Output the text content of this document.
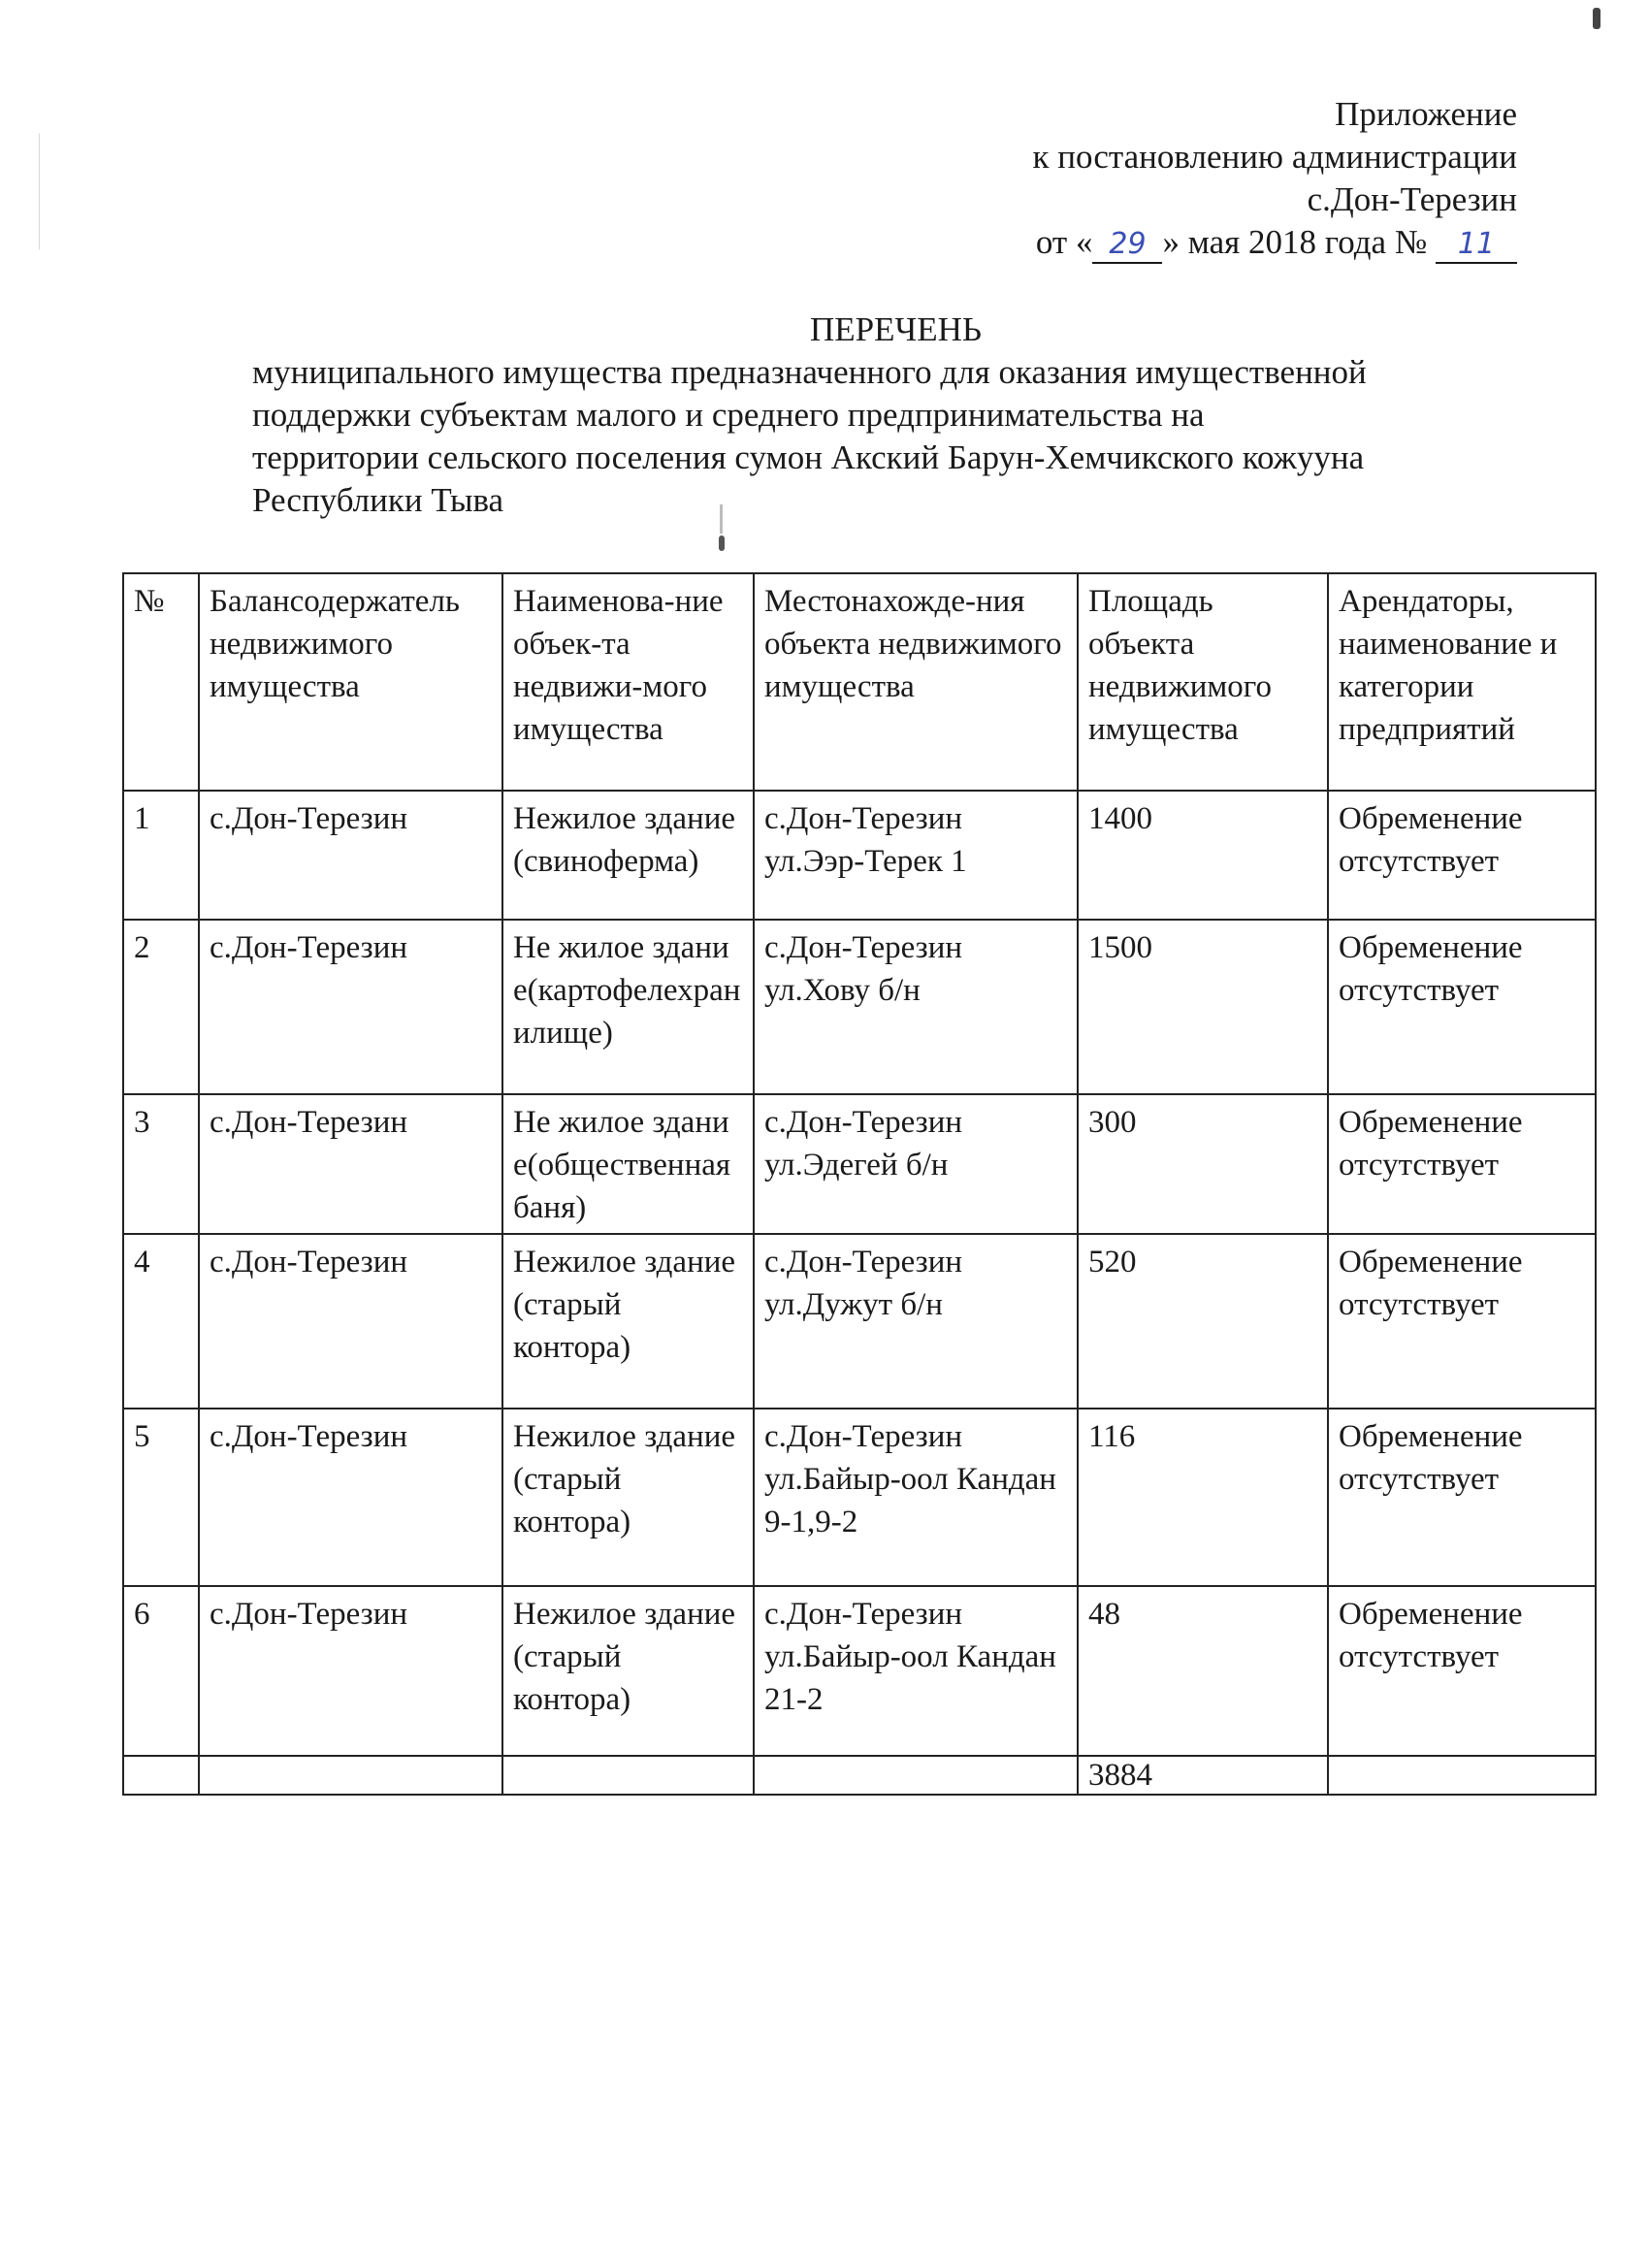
Приложение
к постановлению администрации
с.Дон-Терезин
от « 29 » мая 2018 года № 11
ПЕРЕЧЕНЬ
муниципального имущества предназначенного для оказания имущественной
поддержки субъектам малого и среднего предпринимательства на
территории сельского поселения сумон Акский Барун-Хемчикского кожууна
Республики Тыва
№	Балансодержатель недвижимого имущества	Наименова-ние объек-та недвижи-мого имущества	Местонахожде-ния объекта недвижимого имущества	Площадь объекта недвижимого имущества	Арендаторы, наименование и категории предприятий
1	с.Дон-Терезин	Нежилое здание (свиноферма)	с.Дон-Терезин ул.Ээр-Терек 1	1400	Обременение отсутствует
2	с.Дон-Терезин	Не жилое здание(картофелехранилище)	с.Дон-Терезин ул.Хову б/н	1500	Обременение отсутствует
3	с.Дон-Терезин	Не жилое здание(общественная баня)	с.Дон-Терезин ул.Эдегей б/н	300	Обременение отсутствует
4	с.Дон-Терезин	Нежилое здание (старый контора)	с.Дон-Терезин ул.Дужут б/н	520	Обременение отсутствует
5	с.Дон-Терезин	Нежилое здание (старый контора)	с.Дон-Терезин ул.Байыр-оол Кандан 9-1,9-2	116	Обременение отсутствует
6	с.Дон-Терезин	Нежилое здание (старый контора)	с.Дон-Терезин ул.Байыр-оол Кандан 21-2	48	Обременение отсутствует
				3884	
